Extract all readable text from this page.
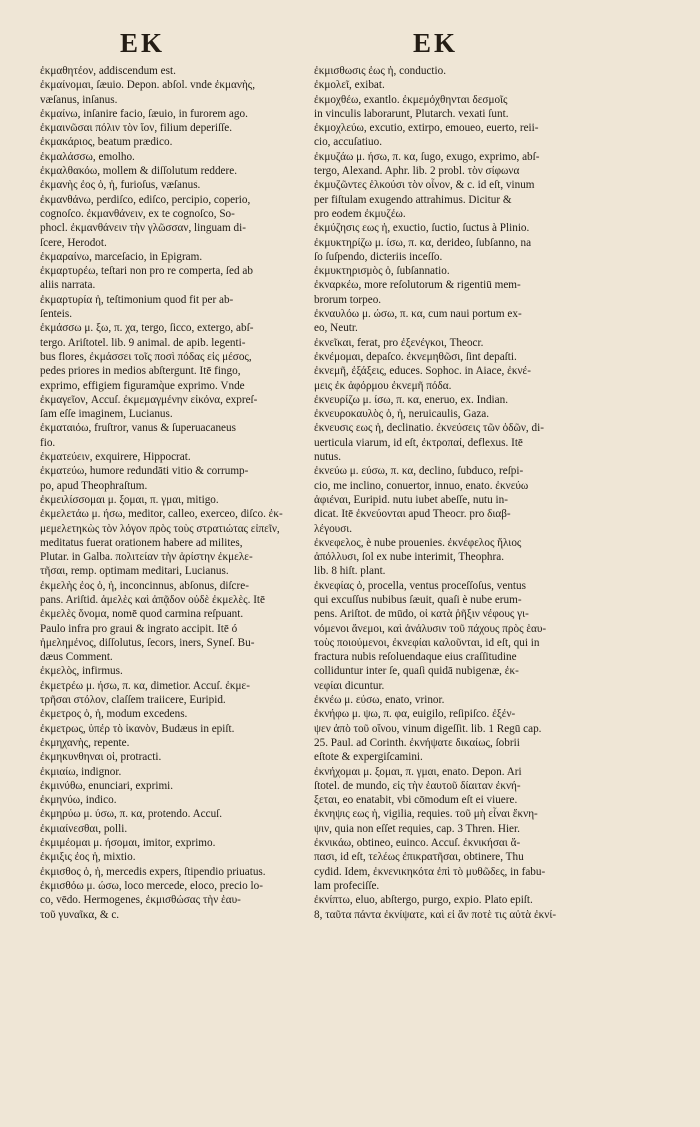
EK	EK
ἐκμαθητέον, addiscendum est.
ἐκμαίνομαι, ſæuio. Depon. abſol. vnde ἐκμανὴς,
væſanus, inſanus.
ἐκμαίνω, inſanire facio, ſæuio, in furorem ago.
ἐκμαινῶσαι πόλιν τὸν ἴον, filium deperiſſe.
ἐκμακάριος, beatum prædico.
ἐκμαλάσσω, emolho.
ἐκμαλθακόω, mollem & diſſolutum reddere.
ἐκμανὴς ἐος ὁ, ἡ, furioſus, væſanus.
ἐκμανθάνω, perdiſco, ediſco, percipio, coperio,
cognoſco. ἐκμανθάνειν, ex te cognoſco, So-
phocl. ἐκμανθάνειν τὴν γλῶσσαν, linguam di-
ſcere, Herodot.
ἐκμαραίνω, marceſacio, in Epigram.
ἐκμαρτυρέω, teſtari non pro re comperta, ſed ab
aliis narrata.
ἐκμαρτυρία ἡ, teſtimonium quod fit per ab-
ſenteis.
ἐκμάσσω μ. ξω, π. χα, tergo, ſicco, extergo, abſ-
tergo. Ariſtotel. lib. 9 animal. de apib. legenti-
bus flores, ἐκμάσσει τοῖς ποσὶ πόδας εἰς μέσος,
pedes priores in medios abſtergunt. Itē fingo,
exprimo, effigiem figuramq̀ue exprimo. Vnde
ἐκμαγεῖον, Accuſ. ἐκμεμαγμένην εἰκόνα, expreſ-
ſam eſſe imaginem, Lucianus.
ἐκματαιόω, fruſtror, vanus & ſuperuacaneus
fio.
ἐκματεύειν, exquirere, Hippocrat.
ἐκματεύω, humore redundāti vitio & corrump-
po, apud Theophraſtum.
ἐκμειλίσσομαι μ. ξομαι, π. γμαι, mitigo.
ἐκμελετάω μ. ήσω, meditor, calleo, exerceo, diſco. ἐκ-
μεμελετηκὼς τὸν λόγον πρὸς τοὺς στρατιώτας εἰπεῖν,
meditatus fuerat orationem habere ad milites,
Plutar. in Galba. πολιτείαν τὴν ἀρίστην ἐκμελε-
τῆσαι, remp. optimam meditari, Lucianus.
ἐκμελὴς ἐος ὁ, ἡ, inconcinnus, abſonus, diſcre-
pans. Ariſtid. ἀμελὲς καὶ ἀπᾷδον οὐδὲ ἐκμελὲς. Itē
ἐκμελὲς ὄνομα, nomē quod carmina reſpuant.
Paulo infra pro graui & ingrato accipit. Itē ó
ἠμελημένος, diſſolutus, ſecors, iners, Syneſ. Bu-
dæus Comment.
ἐκμελὸς, infirmus.
ἐκμετρέω μ. ήσω, π. κα, dimetior. Accuſ. ἐκμε-
τρῆσαι στόλον, claſſem traiicere, Euripid.
ἐκμετρος ὁ, ἡ, modum excedens.
ἐκμετρως, ὑπέρ τὸ ἱκανὸν, Budæus in epiſt.
ἐκμηχανὴς, repente.
ἐκμηκυνθηναι οἱ, protracti.
ἐκμιαίω, indignor.
ἐκμινύθω, enunciari, exprimi.
ἐκμηνύω, indico.
ἐκμηρύω μ. ύσω, π. κα, protendo. Accuſ.
ἐκμιαίνεσθαι, polli.
ἐκμιμέομαι μ. ήσομαι, imitor, exprimo.
ἐκμιξις ἐος ἡ, mixtio.
ἐκμισθος ὁ, ἡ, mercedis expers, ſtipendio priuatus.
ἐκμισθόω μ. ώσω, loco mercede, eloco, precio lo-
co, vēdo. Hermogenes, ἐκμισθώσας τὴν ἑαυ-
τοῦ γυναῖκα, & c.
ἐκμισθωσις ἐως ἡ, conductio.
ἐκμολεῖ, exibat.
ἐκμοχθέω, exantlo. ἐκμεμόχθηνται δεσμοῖς
in vinculis laborarunt, Plutarch. vexati ſunt.
ἐκμοχλεύω, excutio, extirpo, emoueo, euerto, reii-
cio, accuſatiuo.
ἐκμυζάω μ. ήσω, π. κα, ſugo, exugo, exprimo, abſ-
tergo, Alexand. Aphr. lib. 2 probl. τὸν σίφωνα
ἐκμυζῶντες ἑλκούσι τὸν οἶνον, & c. id eſt, vinum
per fiſtulam exugendo attrahimus. Dicitur &
pro eodem ἐκμυζέω.
ἐκμύζησις εως ἡ, exuctio, ſuctio, ſuctus à Plinio.
ἐκμυκτηρίζω μ. ίσω, π. κα, derideo, ſubſanno, na
ſo ſuſpendo, dicteriis inceſſo.
ἐκμυκτηρισμὸς ὁ, ſubſannatio.
ἐκναρκέω, more reſolutorum & rigentiū mem-
brorum torpeo.
ἐκναυλόω μ. ώσω, π. κα, cum naui portum ex-
eo, Neutr.
ἐκνεῖκαι, ferat, pro ἐξενέγκοι, Theocr.
ἐκνέμομαι, depaſco. ἐκνεμηθῶσι, ſint depaſti.
ἐκνεμῆ, ἐξάξεις, educes. Sophoc. in Aiace, ἐκνέ-
μεις ἐκ ἀφόρμου ἐκνεμῆ πόδα.
ἐκνευρίζω μ. ίσω, π. κα, eneruo, ex. Indian.
ἐκνευροκαυλὸς ὁ, ἡ, neruicaulis, Gaza.
ἐκνευσις εως ἡ, declinatio. ἐκνεύσεις τῶν ὁδῶν, di-
uerticula viarum, id eſt, ἐκτροπαί, deflexus. Itē
nutus.
ἐκνεύω μ. εύσω, π. κα, declino, ſubduco, reſpi-
cio, me inclino, conuertor, innuo, enato. ἐκνεύω
ἀφιέναι, Euripid. nutu iubet abeſſe, nutu in-
dicat. Itē ἐκνεύονται apud Theocr. pro διαβ-
λέγουσι.
ἐκνεφελος, è nube prouenies. ἐκνέφελος ἥλιος
ἀπόλλυσι, ſol ex nube interimit, Theophra.
lib. 8 hiſt. plant.
ἐκνεφίας ὁ, procella, ventus proceſſoſus, ventus
qui excuſſus nubibus ſæuit, quaſi è nube erum-
pens. Ariſtot. de mūdo, οἱ κατὰ ῥῆξιν νέφους γι-
νόμενοι ἄνεμοι, καὶ ἀνάλυσιν τοῦ πάχους πρὸς ἑαυ-
τοὺς ποιούμενοι, ἐκνεφίαι καλοῦνται, id eſt, qui in
fractura nubis reſoluendaque eius craſſitudine
colliduntur inter ſe, quaſi quidā nubigenæ, ἐκ-
νεφίαι dicuntur.
ἐκνέω μ. εύσω, enato, vrinor.
ἐκνήφω μ. ψω, π. φα, euigilo, reſipiſco. ἐξέν-
ψεν ἀπὸ τοῦ οἴνου, vinum digeſſit. lib. 1 Regū cap.
25. Paul. ad Corinth. ἐκνήψατε δικαίως, ſobrii
eſtote & expergiſcamini.
ἐκνήχομαι μ. ξομαι, π. γμαι, enato. Depon. Ari
ſtotel. de mundo, εἰς τὴν ἑαυτοῦ δίαιταν ἐκνή-
ξεται, eo enatabit, vbi cōmodum eſt ei viuere.
ἐκνηψις εως ἡ, vigilia, requies. τοῦ μὴ εἶναι ἔκνη-
ψιν, quia non eſſet requies, cap. 3 Thren. Hier.
ἐκνικάω, obtineo, euinco. Accuſ. ἐκνικήσαι ἅ-
πασι, id eſt, τελέως ἐπικρατῆσαι, obtinere, Thu
cydid. Idem, ἐκνενικηκότα ἐπὶ τὸ μυθῶδες, in fabu-
lam profeciſſe.
ἐκνίπτω, eluo, abſtergo, purgo, expio. Plato epiſt.
8, ταῦτα πάντα ἐκνίψατε, καὶ εἰ ἄν ποτὲ τις αὐτὰ ἐκνί-
